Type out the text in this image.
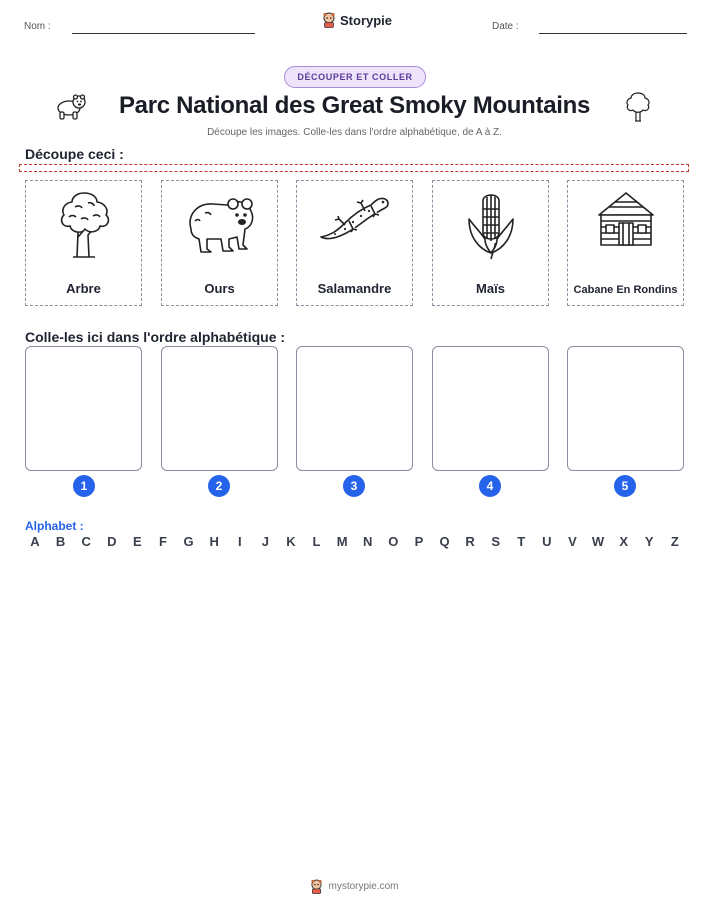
Nom :	Storypie	Date :
DÉCOUPER ET COLLER
Parc National des Great Smoky Mountains
Découpe les images. Colle-les dans l'ordre alphabétique, de A à Z.
Découpe ceci :
Arbre	Ours	Salamandre	Maïs	Cabane En Rondins
Colle-les ici dans l'ordre alphabétique :
1	2	3	4	5
Alphabet :
A	B	C	D	E	F	G	H	I	J	K	L	M	N	O	P	Q	R	S	T	U	V	W	X	Y	Z
mystorypie.com
